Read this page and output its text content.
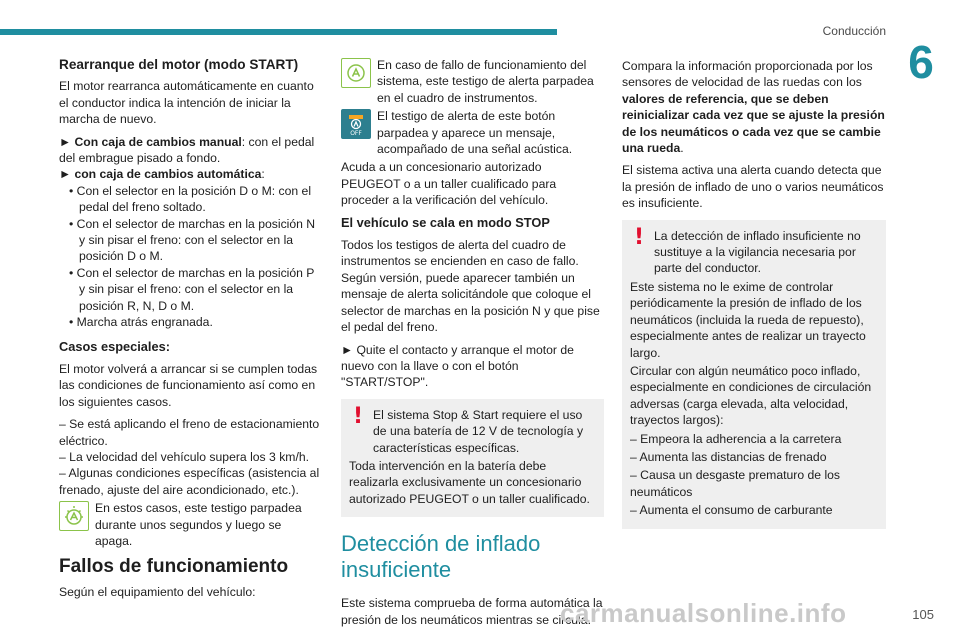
Conducción
6
Rearranque del motor (modo START)

El motor rearranca automáticamente en cuanto el conductor indica la intención de iniciar la marcha de nuevo.

► Con caja de cambios manual: con el pedal del embrague pisado a fondo.

► con caja de cambios automática:

• Con el selector en la posición D o M: con el pedal del freno soltado.

• Con el selector de marchas en la posición N y sin pisar el freno: con el selector en la posición D o M.

• Con el selector de marchas en la posición P y sin pisar el freno: con el selector en la posición R, N, D o M.

• Marcha atrás engranada.

Casos especiales:

El motor volverá a arrancar si se cumplen todas las condiciones de funcionamiento así como en los siguientes casos.

– Se está aplicando el freno de estacionamiento eléctrico.

– La velocidad del vehículo supera los 3 km/h.

– Algunas condiciones específicas (asistencia al frenado, ajuste del aire acondicionado, etc.).

En estos casos, este testigo parpadea durante unos segundos y luego se apaga.
Fallos de funcionamiento

Según el equipamiento del vehículo:

En caso de fallo de funcionamiento del sistema, este testigo de alerta parpadea en el cuadro de instrumentos.
OFF
El testigo de alerta de este botón parpadea y aparece un mensaje, acompañado de una señal acústica.

Acuda a un concesionario autorizado PEUGEOT o a un taller cualificado para proceder a la verificación del vehículo.

El vehículo se cala en modo STOP

Todos los testigos de alerta del cuadro de instrumentos se encienden en caso de fallo. Según versión, puede aparecer también un mensaje de alerta solicitándole que coloque el selector de marchas en la posición N y que pise el pedal del freno.

► Quite el contacto y arranque el motor de nuevo con la llave o con el botón "START/STOP".

! El sistema Stop & Start requiere el uso de una batería de 12 V de tecnología y características específicas.

Toda intervención en la batería debe realizarla exclusivamente un concesionario autorizado PEUGEOT o un taller cualificado.

Detección de inflado insuficiente

Este sistema comprueba de forma automática la presión de los neumáticos mientras se circula.

Compara la información proporcionada por los sensores de velocidad de las ruedas con los valores de referencia, que se deben reinicializar cada vez que se ajuste la presión de los neumáticos o cada vez que se cambie una rueda.

El sistema activa una alerta cuando detecta que la presión de inflado de uno o varios neumáticos es insuficiente.

! La detección de inflado insuficiente no sustituye a la vigilancia necesaria por parte del conductor.

Este sistema no le exime de controlar periódicamente la presión de inflado de los neumáticos (incluida la rueda de repuesto), especialmente antes de realizar un trayecto largo.

Circular con algún neumático poco inflado, especialmente en condiciones de circulación adversas (carga elevada, alta velocidad, trayectos largos):

– Empeora la adherencia a la carretera

– Aumenta las distancias de frenado

– Causa un desgaste prematuro de los neumáticos

– Aumenta el consumo de carburante

carmanualsonline.info	105
